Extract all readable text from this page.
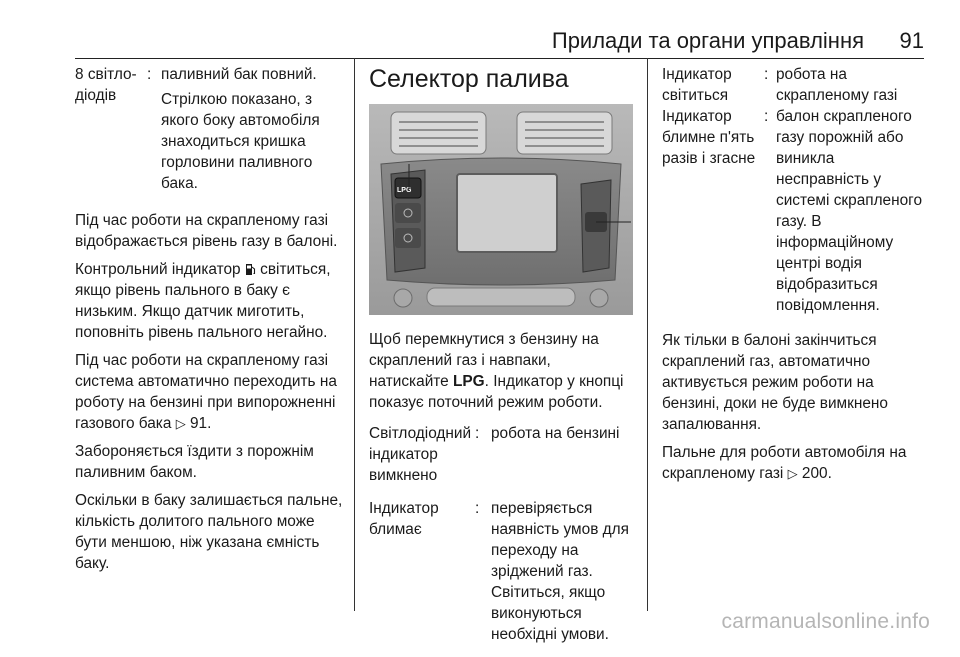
Прилади та органи управління 91
8 світло-
діодів
: паливний бак повний.

Стрілкою показано, з якого боку автомобіля знаходиться кришка горловини паливного бака.

Під час роботи на скрапленому газі відображається рівень газу в балоні.

Контрольний індикатор світиться, якщо рівень пального в баку є низьким. Якщо датчик миготить, поповніть рівень пального негайно.

Під час роботи на скрапленому газі система автоматично переходить на роботу на бензині при випорожненні газового бака ▷ 91.

Забороняється їздити з порожнім паливним баком.

Оскільки в баку залишається пальне, кількість долитого пального може бути меншою, ніж указана ємність баку.

Селектор палива
LPG

Щоб перемкнутися з бензину на скраплений газ і навпаки, натискайте LPG. Індикатор у кнопці показує поточний режим роботи.

Світлодіодний
індикатор
вимкнено
: робота на бензині
Індикатор
блимає
: перевіряється наявність умов для переходу на зріджений газ. Світиться, якщо виконуються необхідні умови.
Індикатор
світиться
: робота на скрапленому газі
Індикатор
блимне п'ять
разів і згасне
: балон скрапленого газу порожній або виникла несправність у системі скрапленого газу. В інформаційному центрі водія відобразиться повідомлення.

Як тільки в балоні закінчиться скраплений газ, автоматично активується режим роботи на бензині, доки не буде вимкнено запалювання.

Пальне для роботи автомобіля на скрапленому газі ▷ 200.

carmanualsonline.info
